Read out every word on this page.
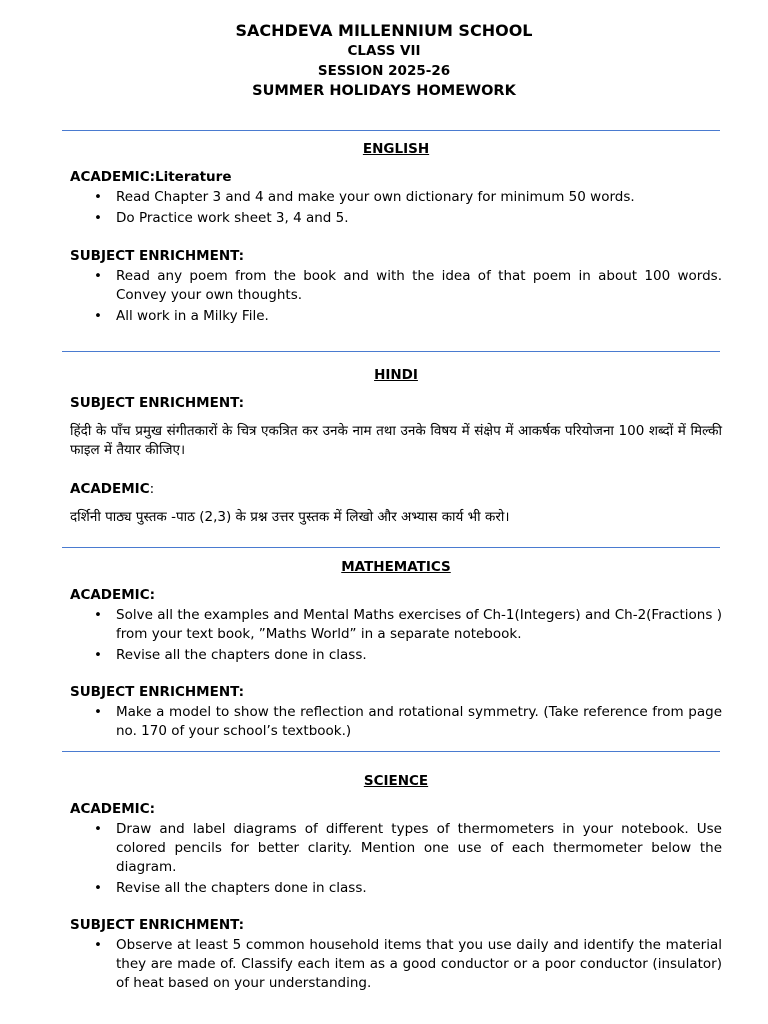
SACHDEVA MILLENNIUM SCHOOL
CLASS VII
SESSION 2025-26
SUMMER HOLIDAYS HOMEWORK
ENGLISH
ACADEMIC:Literature
• Read Chapter 3 and 4 and make your own dictionary for minimum 50 words.
• Do Practice work sheet 3, 4 and 5.
SUBJECT ENRICHMENT:
• Read any poem from the book and with the idea of that poem in about 100 words. Convey your own thoughts.
• All work in a Milky File.
HINDI
SUBJECT ENRICHMENT:
हिंदी के पाँच प्रमुख संगीतकारों के चित्र एकत्रित कर उनके नाम तथा उनके विषय में संक्षेप में आकर्षक परियोजना 100 शब्दों में मिल्की फाइल में तैयार कीजिए।
ACADEMIC:
दर्शिनी पाठ्य पुस्तक -पाठ (2,3) के प्रश्न उत्तर पुस्तक में लिखो और अभ्यास कार्य भी करो।
MATHEMATICS
ACADEMIC:
• Solve all the examples and Mental Maths exercises of Ch-1(Integers) and Ch-2(Fractions ) from your text book, ”Maths World” in a separate notebook.
• Revise all the chapters done in class.
SUBJECT ENRICHMENT:
• Make a model to show the reflection and rotational symmetry. (Take reference from page no. 170 of your school’s textbook.)
SCIENCE
ACADEMIC:
• Draw and label diagrams of different types of thermometers in your notebook. Use colored pencils for better clarity. Mention one use of each thermometer below the diagram.
• Revise all the chapters done in class.
SUBJECT ENRICHMENT:
• Observe at least 5 common household items that you use daily and identify the material they are made of. Classify each item as a good conductor or a poor conductor (insulator) of heat based on your understanding.
